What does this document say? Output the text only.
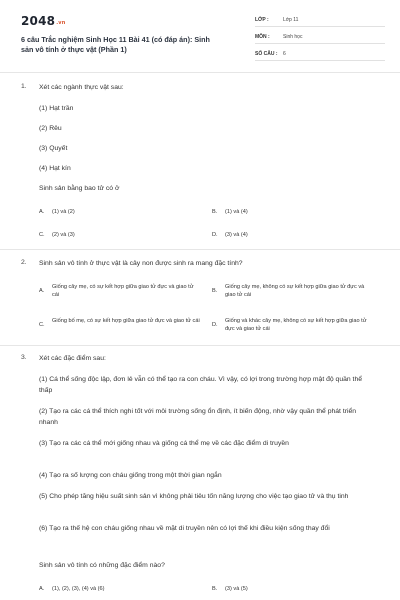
$2048^{.vn}$
6 câu Trắc nghiệm Sinh Học 11 Bài 41 (có đáp án): Sinh sản vô tính ở thực vật (Phần 1)
LỚP :	Lớp 11
MÔN :	Sinh học
SỐ CÂU : 6
1. Xét các ngành thực vật sau:
(1) Hạt trần
(2) Rêu
(3) Quyết
(4) Hạt kín
Sinh sản bằng bao tử có ở
A. (1) và (2)	B. (1) và (4)
C. (2) và (3)	D. (3) và (4)
2. Sinh sản vô tính ở thực vật là cây non được sinh ra mang đặc tính?
A.
Giống cây mẹ, có sự kết hợp giữa giao tử đực và giao tử cái
B.
Giống cây mẹ, không có sự kết hợp giữa giao tử đực và giao tử cái
C.
Giống bố mẹ, có sự kết hợp giữa giao tử đực và giao tử cái
D.
Giống và khác cây mẹ, không có sự kết hợp giữa giao tử đực và giao tử cái
3. Xét các đặc điểm sau:
(1) Cá thể sống độc lập, đơn lẻ vẫn có thể tạo ra con cháu. Vì vậy, có lợi trong trường hợp mật độ quần thể thấp
(2) Tạo ra các cá thể thích nghi tốt với môi trường sống ổn định, ít biến động, nhờ vậy quần thể phát triển nhanh
(3) Tạo ra các cá thể mới giống nhau và giống cá thể mẹ về các đặc điểm di truyền
(4) Tạo ra số lượng con cháu giống trong một thời gian ngắn
(5) Cho phép tăng hiệu suất sinh sản vì không phải tiêu tốn năng lượng cho việc tạo giao tử và thụ tinh
(6) Tạo ra thế hệ con cháu giống nhau về mặt di truyền nên có lợi thế khi điều kiện sống thay đổi
Sinh sản vô tính có những đặc điểm nào?
A. (1), (2), (3), (4) và (6)	B. (3) và (5)
